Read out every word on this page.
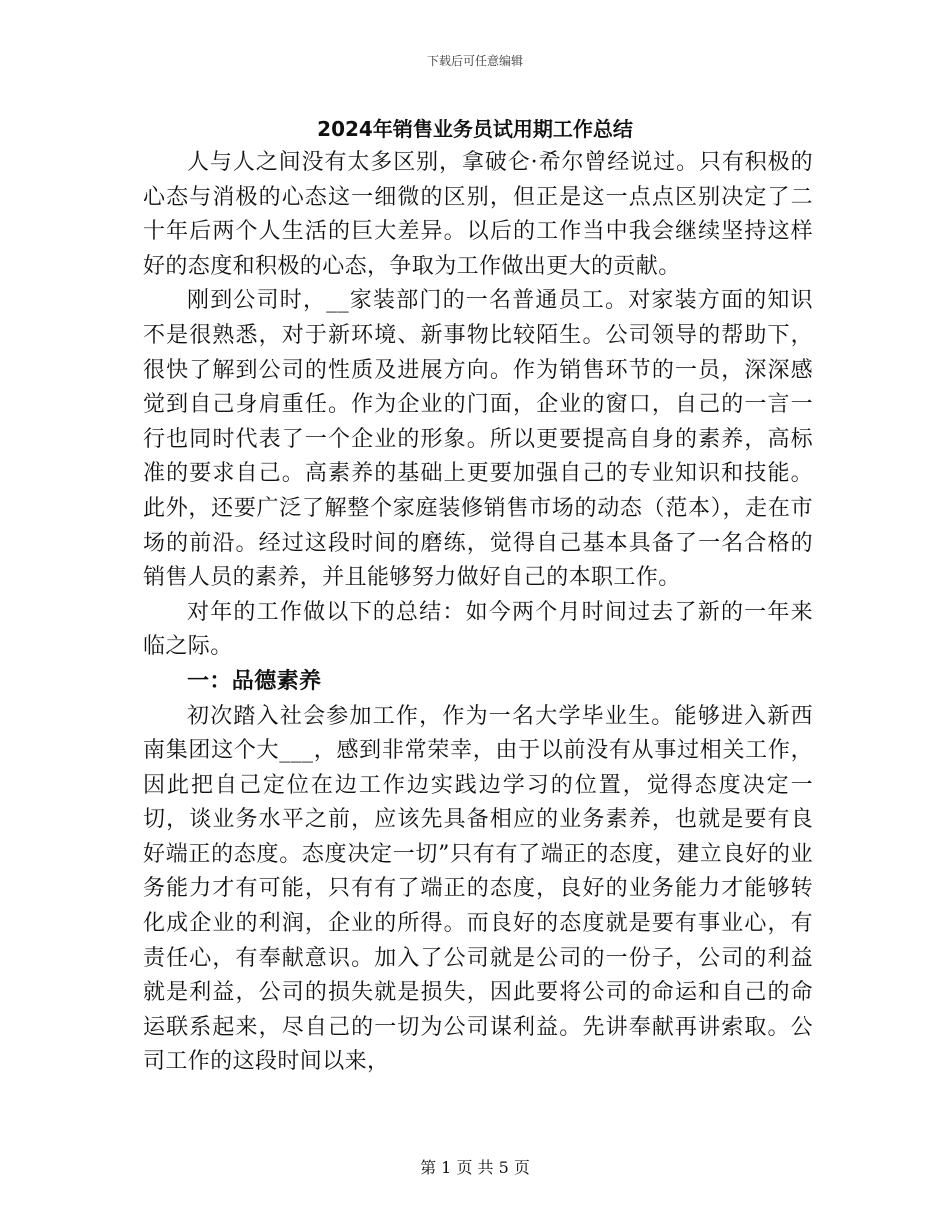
下载后可任意编辑
2024年销售业务员试用期工作总结

人与人之间没有太多区别，拿破仑·希尔曾经说过。只有积极的心态与消极的心态这一细微的区别，但正是这一点点区别决定了二十年后两个人生活的巨大差异。以后的工作当中我会继续坚持这样好的态度和积极的心态，争取为工作做出更大的贡献。

刚到公司时，__家装部门的一名普通员工。对家装方面的知识不是很熟悉，对于新环境、新事物比较陌生。公司领导的帮助下，很快了解到公司的性质及进展方向。作为销售环节的一员，深深感觉到自己身肩重任。作为企业的门面，企业的窗口，自己的一言一行也同时代表了一个企业的形象。所以更要提高自身的素养，高标准的要求自己。高素养的基础上更要加强自己的专业知识和技能。此外，还要广泛了解整个家庭装修销售市场的动态（范本），走在市场的前沿。经过这段时间的磨练，觉得自己基本具备了一名合格的销售人员的素养，并且能够努力做好自己的本职工作。

对年的工作做以下的总结：如今两个月时间过去了新的一年来临之际。

一：品德素养

初次踏入社会参加工作，作为一名大学毕业生。能够进入新西南集团这个大___，感到非常荣幸，由于以前没有从事过相关工作，因此把自己定位在边工作边实践边学习的位置，觉得态度决定一切，谈业务水平之前，应该先具备相应的业务素养，也就是要有良好端正的态度。态度决定一切”只有有了端正的态度，建立良好的业务能力才有可能，只有有了端正的态度，良好的业务能力才能够转化成企业的利润，企业的所得。而良好的态度就是要有事业心，有责任心，有奉献意识。加入了公司就是公司的一份子，公司的利益就是利益，公司的损失就是损失，因此要将公司的命运和自己的命运联系起来，尽自己的一切为公司谋利益。先讲奉献再讲索取。公司工作的这段时间以来，

第 1 页 共 5 页
